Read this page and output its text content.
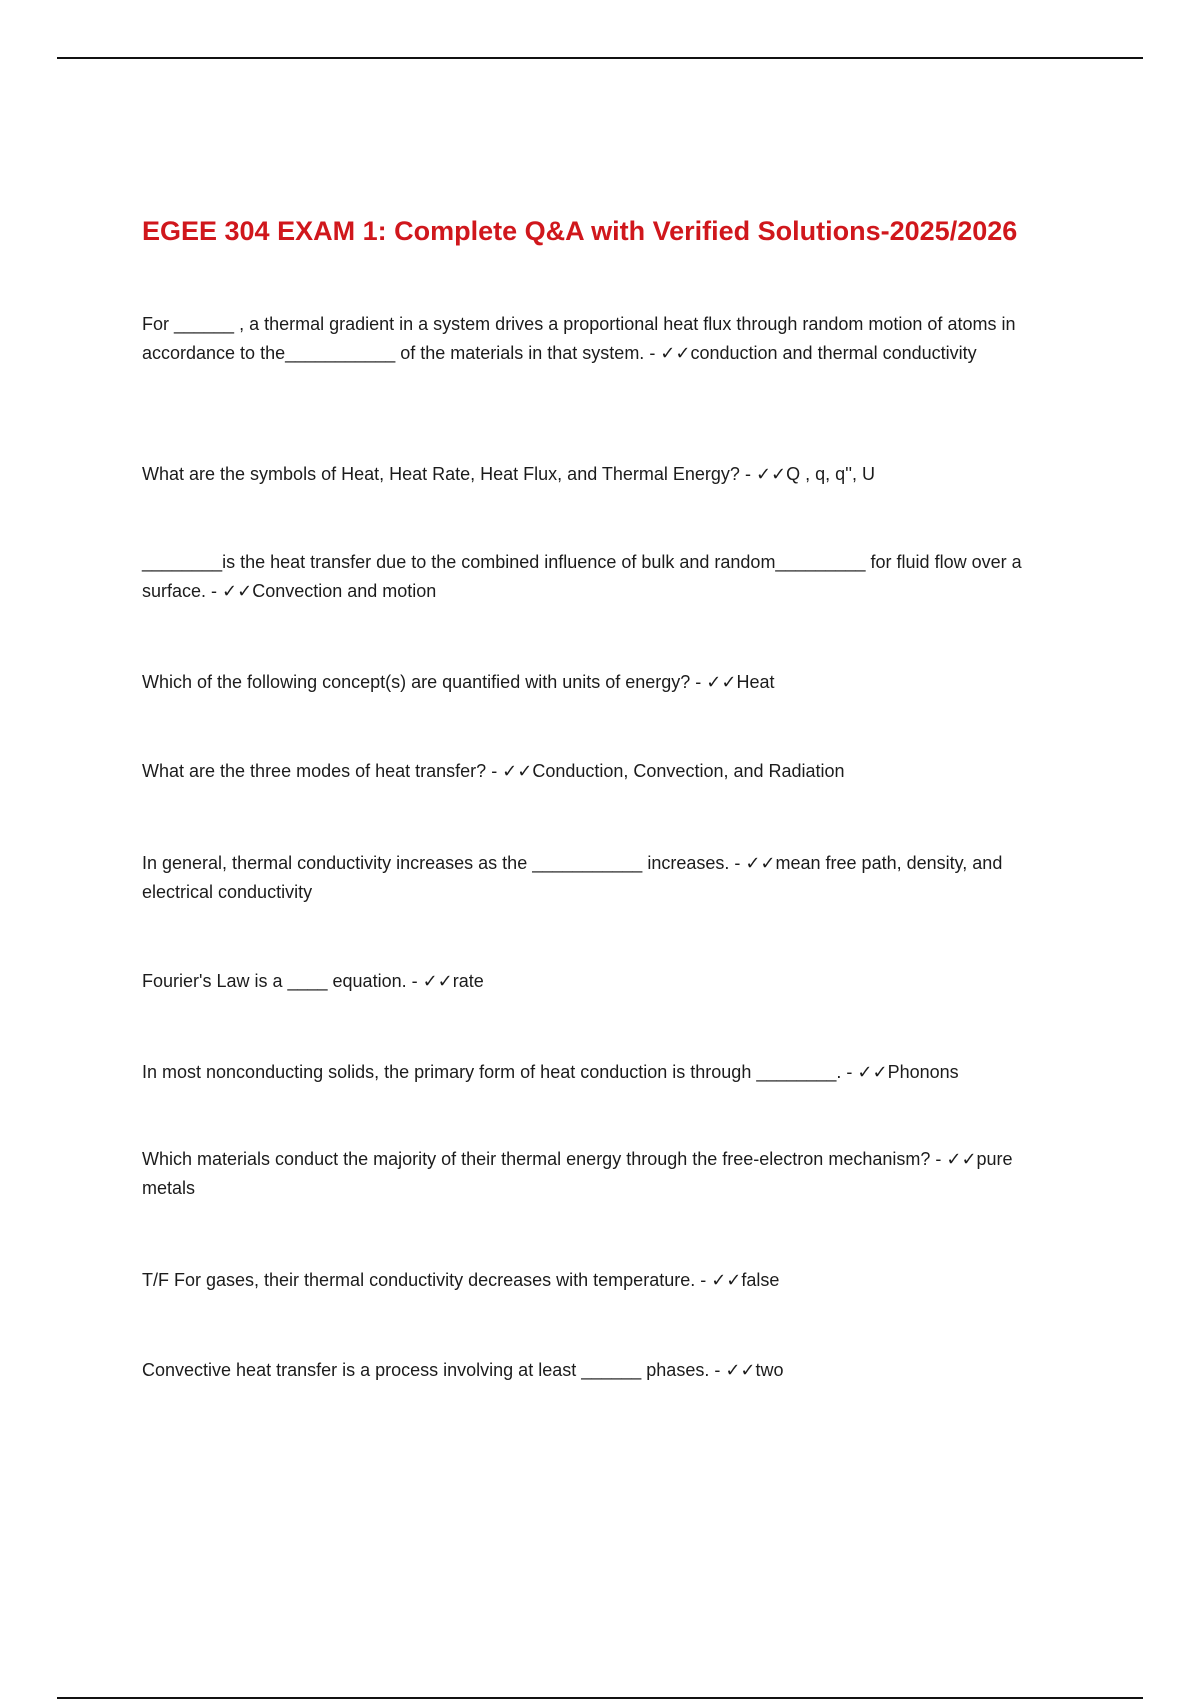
EGEE 304 EXAM 1: Complete Q&A with Verified Solutions-2025/2026

For ______ , a thermal gradient in a system drives a proportional heat flux through random motion of atoms in accordance to the___________ of the materials in that system. - ✓✓conduction and thermal conductivity

What are the symbols of Heat, Heat Rate, Heat Flux, and Thermal Energy? - ✓✓Q , q, q'', U

________is the heat transfer due to the combined influence of bulk and random_________ for fluid flow over a surface. - ✓✓Convection and motion

Which of the following concept(s) are quantified with units of energy? - ✓✓Heat

What are the three modes of heat transfer? - ✓✓Conduction, Convection, and Radiation

In general, thermal conductivity increases as the ___________ increases. - ✓✓mean free path, density, and electrical conductivity

Fourier's Law is a ____ equation. - ✓✓rate

In most nonconducting solids, the primary form of heat conduction is through ________. - ✓✓Phonons

Which materials conduct the majority of their thermal energy through the free-electron mechanism? - ✓✓pure metals

T/F For gases, their thermal conductivity decreases with temperature. - ✓✓false

Convective heat transfer is a process involving at least ______ phases. - ✓✓two
